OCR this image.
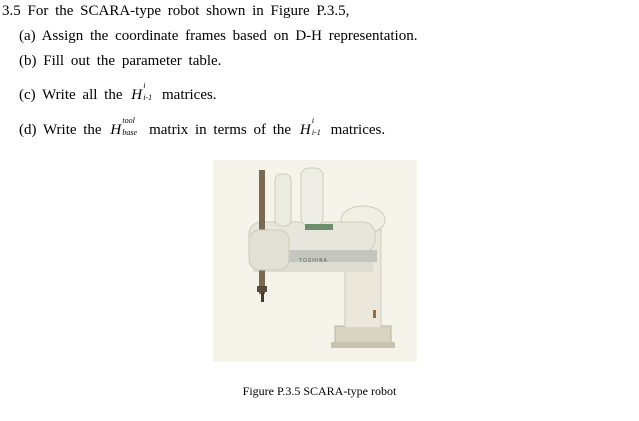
3.5 For the SCARA-type robot shown in Figure P.3.5,
(a) Assign the coordinate frames based on D-H representation.
(b) Fill out the parameter table.
(c) Write all the H
i
i-1 matrices.
(d) Write the H
tool
base matrix in terms of the H
i
i-1 matrices.
TOSHIBA
Figure P.3.5 SCARA-type robot
